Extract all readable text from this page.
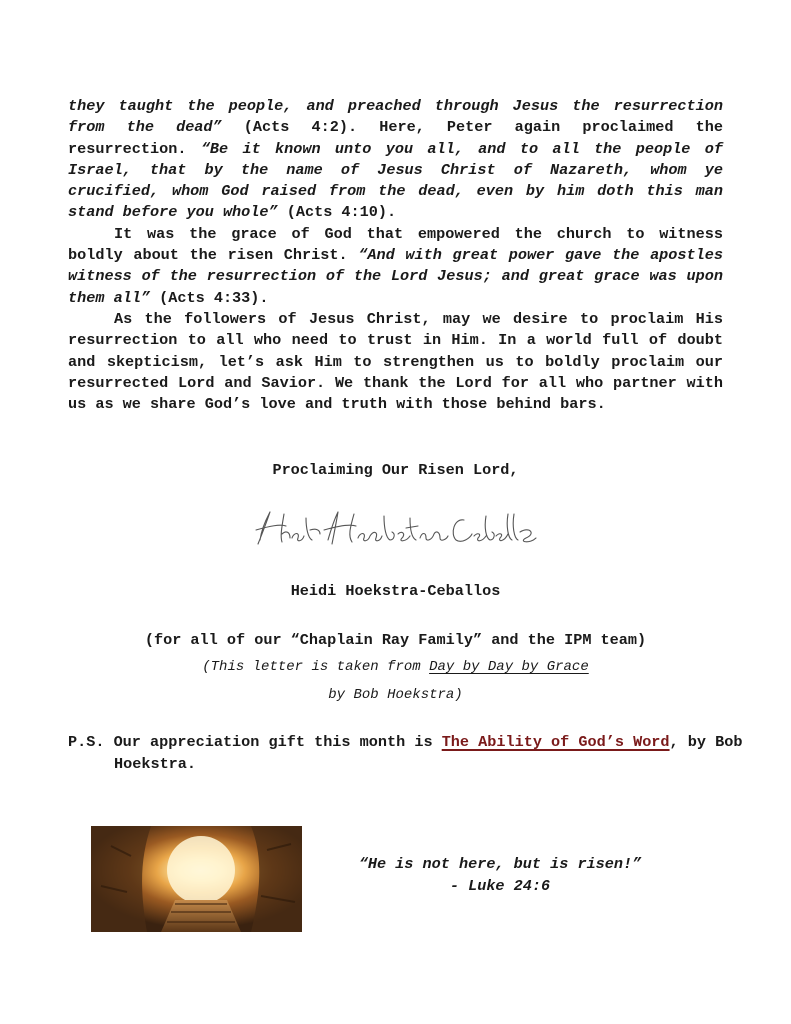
they taught the people, and preached through Jesus the resurrection from the dead” (Acts 4:2). Here, Peter again proclaimed the resurrection. “Be it known unto you all, and to all the people of Israel, that by the name of Jesus Christ of Nazareth, whom ye crucified, whom God raised from the dead, even by him doth this man stand before you whole” (Acts 4:10).

It was the grace of God that empowered the church to witness boldly about the risen Christ. “And with great power gave the apostles witness of the resurrection of the Lord Jesus; and great grace was upon them all” (Acts 4:33).

As the followers of Jesus Christ, may we desire to proclaim His resurrection to all who need to trust in Him. In a world full of doubt and skepticism, let’s ask Him to strengthen us to boldly proclaim our resurrected Lord and Savior. We thank the Lord for all who partner with us as we share God’s love and truth with those behind bars.

Proclaiming Our Risen Lord,

Heidi Hoekstra-Ceballos

(for all of our “Chaplain Ray Family” and the IPM team)

(This letter is taken from Day by Day by Grace

by Bob Hoekstra)

P.S. Our appreciation gift this month is The Ability of God’s Word, by Bob Hoekstra.

“He is not here, but is risen!”
- Luke 24:6
